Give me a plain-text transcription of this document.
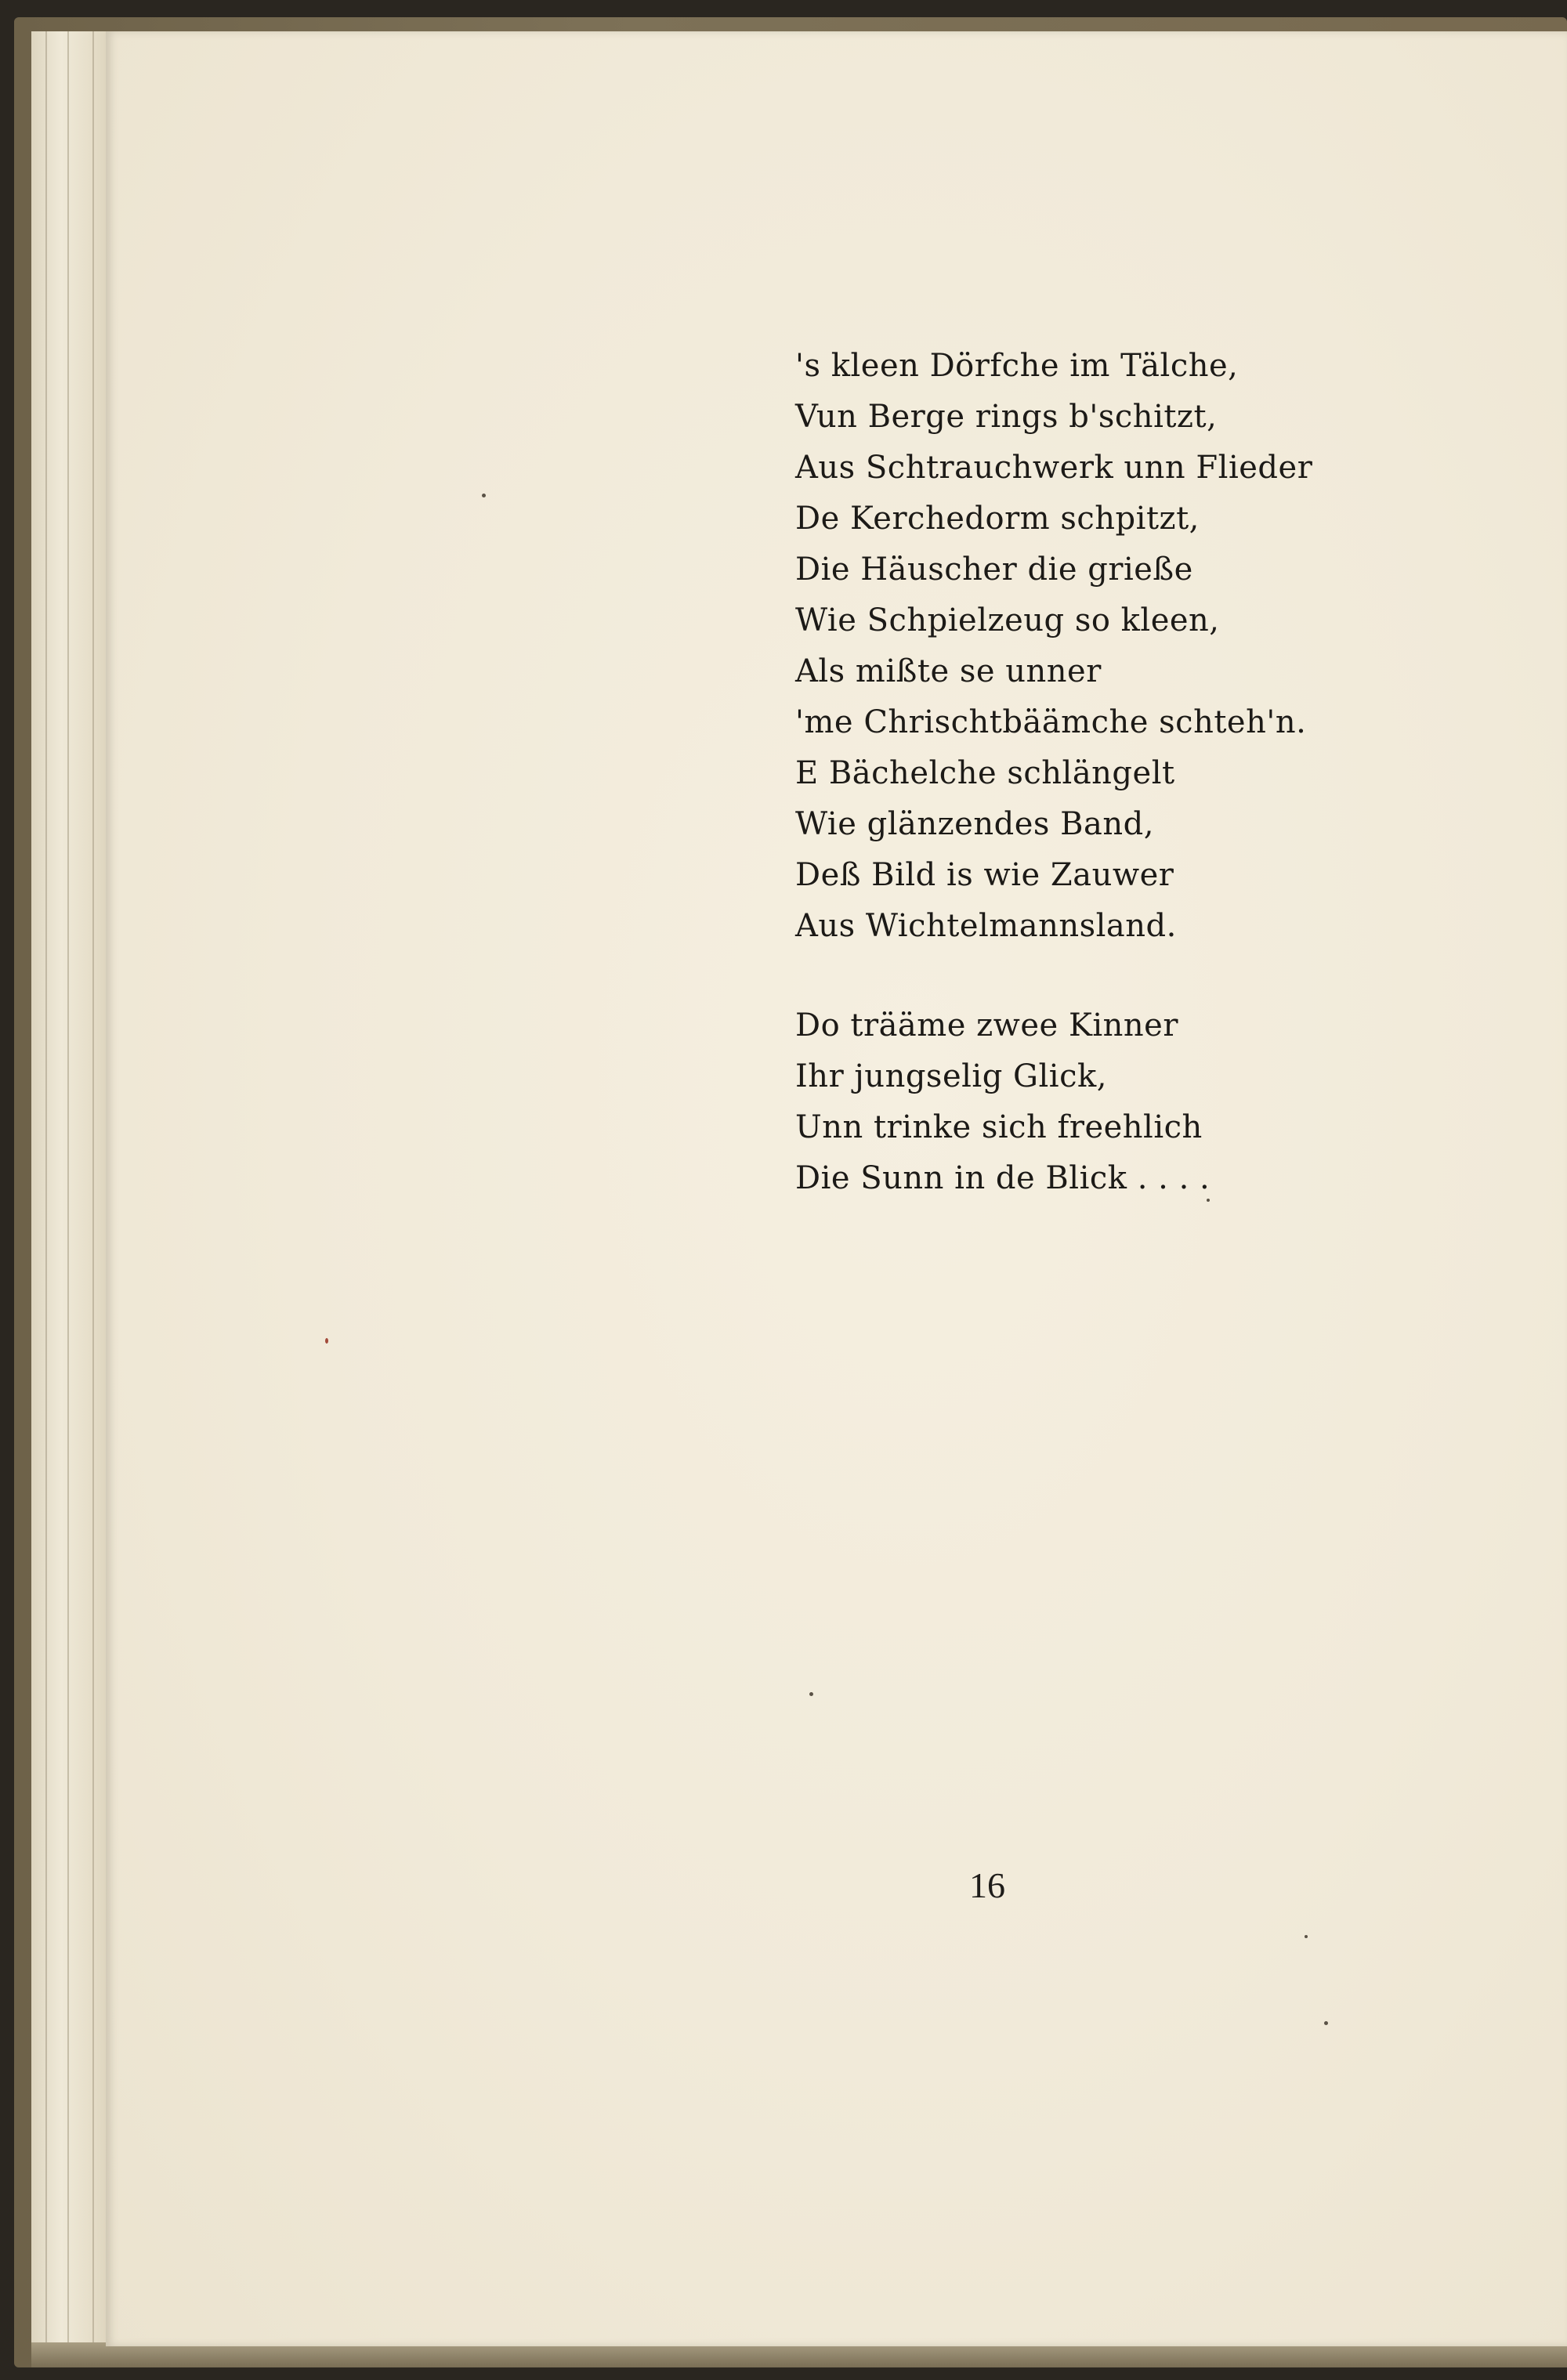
's kleen Dörfche im Tälche,
Vun Berge rings b'schitzt,
Aus Schtrauchwerk unn Flieder
De Kerchedorm schpitzt,
Die Häuscher die grieße
Wie Schpielzeug so kleen,
Als mißte se unner
'me Chrischtbäämche schteh'n.
E Bächelche schlängelt
Wie glänzendes Band,
Deß Bild is wie Zauwer
Aus Wichtelmannsland.

Do trääme zwee Kinner
Ihr jungselig Glick,
Unn trinke sich freehlich
Die Sunn in de Blick . . . .

16
